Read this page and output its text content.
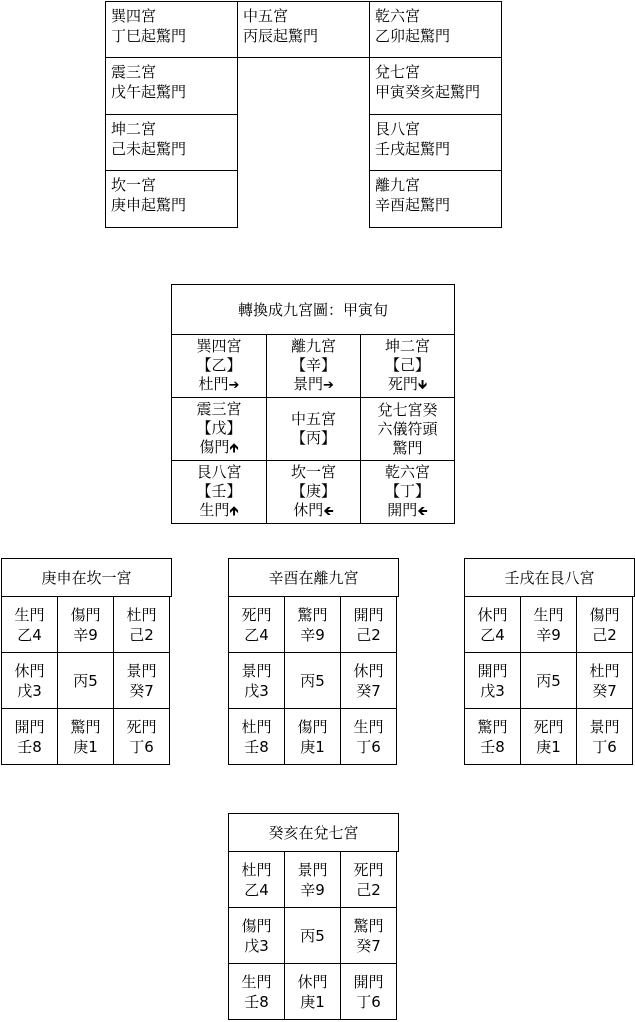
巽四宮
丁巳起驚門
震三宮
戊午起驚門
坤二宮
己未起驚門
坎一宮
庚申起驚門
中五宮
丙辰起驚門
乾六宮
乙卯起驚門
兌七宮
甲寅癸亥起驚門
艮八宮
壬戌起驚門
離九宮
辛酉起驚門
轉換成九宮圖：甲寅旬
巽四宮
【乙】
杜門➔
離九宮
【辛】
景門➔
坤二宮
【己】
死門🡻
震三宮
【戊】
傷門🡹
中五宮
【丙】
兌七宮癸
六儀符頭
驚門
艮八宮
【壬】
生門🡹
坎一宮
【庚】
休門🡸
乾六宮
【丁】
開門🡸
庚申在坎一宮
生門
乙4
傷門
辛9
杜門
己2
休門
戊3
丙5
景門
癸7
開門
壬8
驚門
庚1
死門
丁6
辛酉在離九宮
死門
乙4
驚門
辛9
開門
己2
景門
戊3
丙5
休門
癸7
杜門
壬8
傷門
庚1
生門
丁6
壬戌在艮八宮
休門
乙4
生門
辛9
傷門
己2
開門
戊3
丙5
杜門
癸7
驚門
壬8
死門
庚1
景門
丁6
癸亥在兌七宮
杜門
乙4
景門
辛9
死門
己2
傷門
戊3
丙5
驚門
癸7
生門
壬8
休門
庚1
開門
丁6
